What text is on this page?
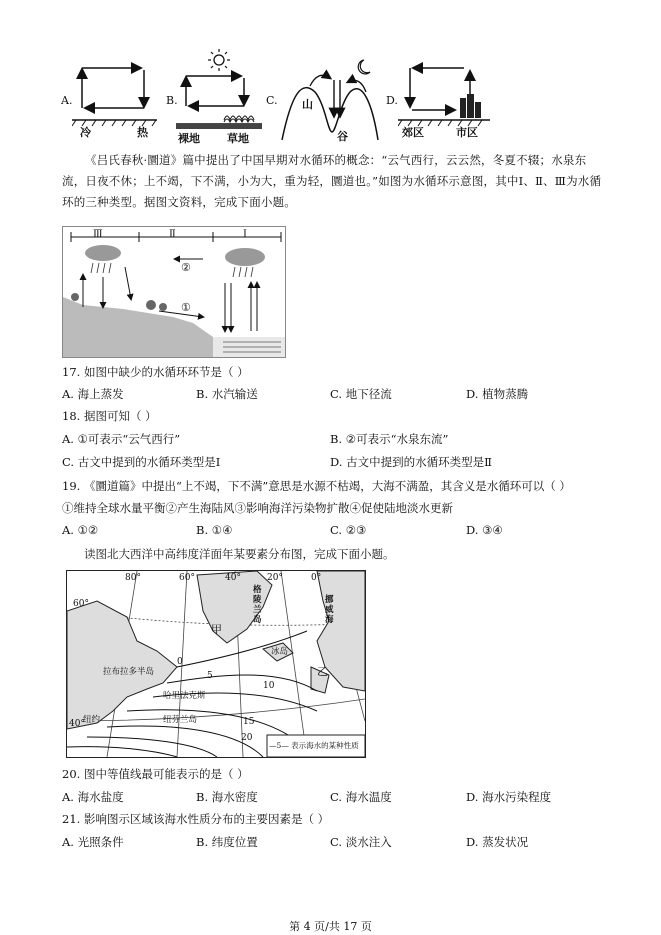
A.
冷	热
B.
裸地 草地
C. 山
谷
D.
郊区	市区

《吕氏春秋·圜道》篇中提出了中国早期对水循环的概念：“云气西行，云云然，冬夏不辍；水泉东流，日夜不休；上不竭，下不满，小为大，重为轻，圜道也。”如图为水循环示意图，其中Ⅰ、Ⅱ、Ⅲ为水循环的三种类型。据图文资料，完成下面小题。

Ⅲ	Ⅱ	Ⅰ
②
①
17. 如图中缺少的水循环环节是（ ）
A. 海上蒸发	B. 水汽输送	C. 地下径流	D. 植物蒸腾
18. 据图可知（ ）
A. ①可表示“云气西行”	B. ②可表示“水泉东流”
C. 古文中提到的水循环类型是Ⅰ	D. 古文中提到的水循环类型是Ⅱ
19. 《圜道篇》中提出“上不竭，下不满”意思是水源不枯竭，大海不满盈，其含义是水循环可以（ ）
①维持全球水量平衡②产生海陆风③影响海洋污染物扩散④促使陆地淡水更新
A. ①②	B. ①④	C. ②③	D. ③④
读图北大西洋中高纬度洋面年某要素分布图，完成下面小题。
80°	60°	40°	20°	0°
60°
40°
格陵兰岛
挪威海
冰岛
拉布拉多半岛
哈里法克斯
纽芬兰岛
纽约
甲
乙
0
5
10
15
20
—5— 表示海水的某种性质
20. 图中等值线最可能表示的是（ ）
A. 海水盐度	B. 海水密度	C. 海水温度	D. 海水污染程度
21. 影响图示区域该海水性质分布的主要因素是（ ）
A. 光照条件	B. 纬度位置	C. 淡水注入	D. 蒸发状况
第 4 页/共 17 页
